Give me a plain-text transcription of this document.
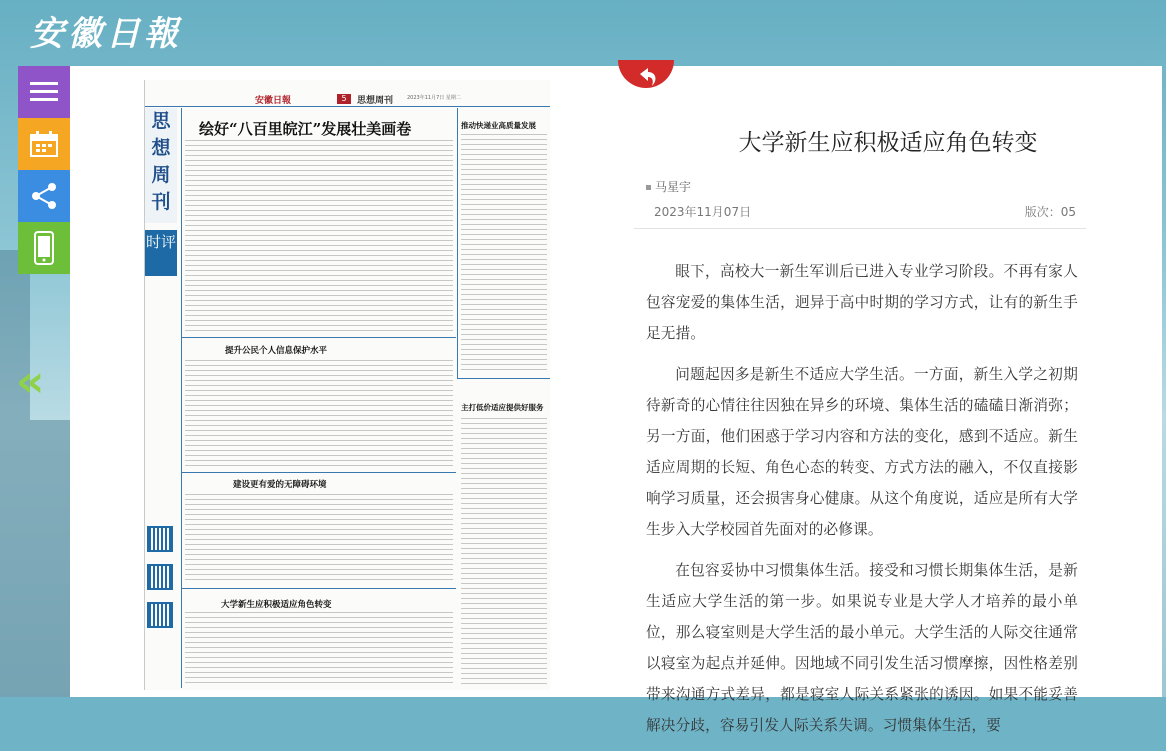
安徽日報
«
安徽日報	5	思想周刊	2023年11月7日 星期二
思
想
周
刊
时评
绘好“八百里皖江”发展壮美画卷	推动快递业高质量发展
提升公民个人信息保护水平
建设更有爱的无障碍环境
主打低价适应提供好服务
大学新生应积极适应角色转变
大学新生应积极适应角色转变
马星宇
2023年11月07日	版次：05

眼下，高校大一新生军训后已进入专业学习阶段。不再有家人包容宠爱的集体生活，迥异于高中时期的学习方式，让有的新生手足无措。

问题起因多是新生不适应大学生活。一方面，新生入学之初期待新奇的心情往往因独在异乡的环境、集体生活的磕磕日渐消弥；另一方面，他们困惑于学习内容和方法的变化，感到不适应。新生适应周期的长短、角色心态的转变、方式方法的融入，不仅直接影响学习质量，还会损害身心健康。从这个角度说，适应是所有大学生步入大学校园首先面对的必修课。

在包容妥协中习惯集体生活。接受和习惯长期集体生活，是新生适应大学生活的第一步。如果说专业是大学人才培养的最小单位，那么寝室则是大学生活的最小单元。大学生活的人际交往通常以寝室为起点并延伸。因地域不同引发生活习惯摩擦，因性格差别带来沟通方式差异，都是寝室人际关系紧张的诱因。如果不能妥善解决分歧，容易引发人际关系失调。习惯集体生活，要
